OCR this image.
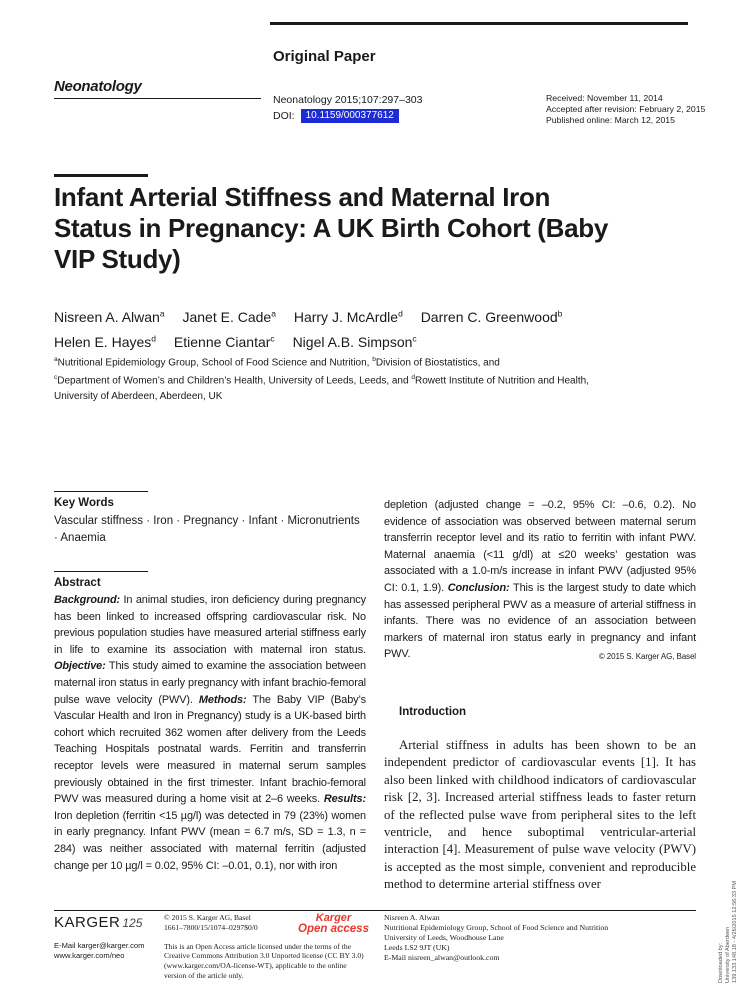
Original Paper
Neonatology
Neonatology 2015;107:297–303
DOI:	10.1159/000377612
Received: November 11, 2014
Accepted after revision: February 2, 2015
Published online: March 12, 2015
Infant Arterial Stiffness and Maternal Iron Status in Pregnancy: A UK Birth Cohort (Baby VIP Study)
Nisreen A. Alwan$^a$ Janet E. Cade$^a$ Harry J. McArdle$^d$ Darren C. Greenwood$^b$
Helen E. Hayes$^d$ Etienne Ciantar$^c$ Nigel A.B. Simpson$^c$
$^a$Nutritional Epidemiology Group, School of Food Science and Nutrition, $^b$Division of Biostatistics, and
$^c$Department of Women’s and Children’s Health, University of Leeds, Leeds, and $^d$Rowett Institute of Nutrition and Health, University of Aberdeen, Aberdeen, UK
Key Words
Vascular stiffness · Iron · Pregnancy · Infant · Micronutrients · Anaemia
Abstract
Background: In animal studies, iron deficiency during pregnancy has been linked to increased offspring cardiovascular risk. No previous population studies have measured arterial stiffness early in life to examine its association with maternal iron status. Objective: This study aimed to examine the association between maternal iron status in early pregnancy with infant brachio-femoral pulse wave velocity (PWV). Methods: The Baby VIP (Baby’s Vascular Health and Iron in Pregnancy) study is a UK-based birth cohort which recruited 362 women after delivery from the Leeds Teaching Hospitals postnatal wards. Ferritin and transferrin receptor levels were measured in maternal serum samples previously obtained in the first trimester. Infant brachio-femoral PWV was measured during a home visit at 2–6 weeks. Results: Iron depletion (ferritin <15 µg/l) was detected in 79 (23%) women in early pregnancy. Infant PWV (mean = 6.7 m/s, SD = 1.3, n = 284) was neither associated with maternal ferritin (adjusted change per 10 µg/l = 0.02, 95% CI: –0.01, 0.1), nor with iron
depletion (adjusted change = –0.2, 95% CI: –0.6, 0.2). No evidence of association was observed between maternal serum transferrin receptor level and its ratio to ferritin with infant PWV. Maternal anaemia (<11 g/dl) at ≤20 weeks’ gestation was associated with a 1.0-m/s increase in infant PWV (adjusted 95% CI: 0.1, 1.9). Conclusion: This is the largest study to date which has assessed peripheral PWV as a measure of arterial stiffness in infants. There was no evidence of an association between markers of maternal iron status early in pregnancy and infant PWV.	© 2015 S. Karger AG, Basel
Introduction
Arterial stiffness in adults has been shown to be an independent predictor of cardiovascular events [1]. It has also been linked with childhood indicators of cardiovascular risk [2, 3]. Increased arterial stiffness leads to faster return of the reflected pulse wave from peripheral sites to the left ventricle, and hence suboptimal ventricular-arterial interaction [4]. Measurement of pulse wave velocity (PWV) is accepted as the most simple, convenient and reproducible method to determine arterial stiffness over
KARGER 125
E-Mail karger@karger.com
www.karger.com/neo
© 2015 S. Karger AG, Basel
1661–7800/15/1074–0297$0/0
This is an Open Access article licensed under the terms of the Creative Commons Attribution 3.0 Unported license (CC BY 3.0) (www.karger.com/OA-license-WT), applicable to the online version of the article only.
Karger
Open access
Nisreen A. Alwan
Nutritional Epidemiology Group, School of Food Science and Nutrition
University of Leeds, Woodhouse Lane
Leeds LS2 9JT (UK)
E-Mail nisreen_alwan@outlook.com	Downloaded by: University of Aberdeen 139.133.148.18 - 4/26/2015 12:56:33 PM
